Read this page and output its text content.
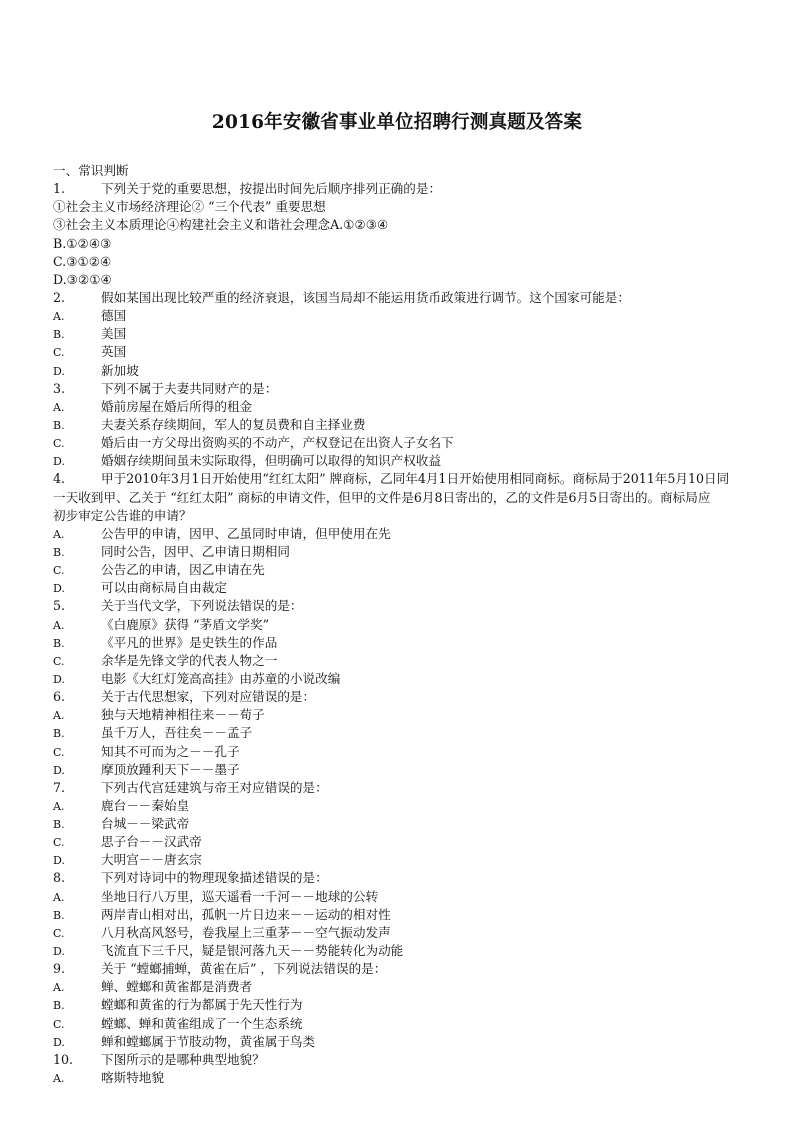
2016年安徽省事业单位招聘行测真题及答案
一、常识判断
1.	下列关于党的重要思想，按提出时间先后顺序排列正确的是：
①社会主义市场经济理论② “三个代表” 重要思想
③社会主义本质理论④构建社会主义和谐社会理念A.①②③④
B.①②④③
C.③①②④
D.③②①④
2.	假如某国出现比较严重的经济衰退，该国当局却不能运用货币政策进行调节。这个国家可能是：
A.	德国
B.	美国
C.	英国
D.	新加坡
3.	下列不属于夫妻共同财产的是：
A.	婚前房屋在婚后所得的租金
B.	夫妻关系存续期间，军人的复员费和自主择业费
C.	婚后由一方父母出资购买的不动产，产权登记在出资人子女名下
D.	婚姻存续期间虽未实际取得，但明确可以取得的知识产权收益
4.	甲于2010年3月1日开始使用“红红太阳” 牌商标，乙同年4月1日开始使用相同商标。商标局于2011年5月10日同
一天收到甲、乙关于 “红红太阳” 商标的申请文件，但甲的文件是6月8日寄出的，乙的文件是6月5日寄出的。商标局应
初步审定公告谁的申请？
A.	公告甲的申请，因甲、乙虽同时申请，但甲使用在先
B.	同时公告，因甲、乙申请日期相同
C.	公告乙的申请，因乙申请在先
D.	可以由商标局自由裁定
5.	关于当代文学，下列说法错误的是：
A.	《白鹿原》获得 “茅盾文学奖”
B.	《平凡的世界》是史铁生的作品
C.	余华是先锋文学的代表人物之一
D.	电影《大红灯笼高高挂》由苏童的小说改编
6.	关于古代思想家，下列对应错误的是：
A.	独与天地精神相往来－－荀子
B.	虽千万人，吾往矣－－孟子
C.	知其不可而为之－－孔子
D.	摩顶放踵利天下－－墨子
7.	下列古代宫廷建筑与帝王对应错误的是：
A.	鹿台－－秦始皇
B.	台城－－梁武帝
C.	思子台－－汉武帝
D.	大明宫－－唐玄宗
8.	下列对诗词中的物理现象描述错误的是：
A.	坐地日行八万里，巡天遥看一千河－－地球的公转
B.	两岸青山相对出，孤帆一片日边来－－运动的相对性
C.	八月秋高风怒号，卷我屋上三重茅－－空气振动发声
D.	飞流直下三千尺，疑是银河落九天－－势能转化为动能
9.	关于 “螳螂捕蝉，黄雀在后” ，下列说法错误的是：
A.	蝉、螳螂和黄雀都是消费者
B.	螳螂和黄雀的行为都属于先天性行为
C.	螳螂、蝉和黄雀组成了一个生态系统
D.	蝉和螳螂属于节肢动物，黄雀属于鸟类
10. 下图所示的是哪种典型地貌？
A.	喀斯特地貌
